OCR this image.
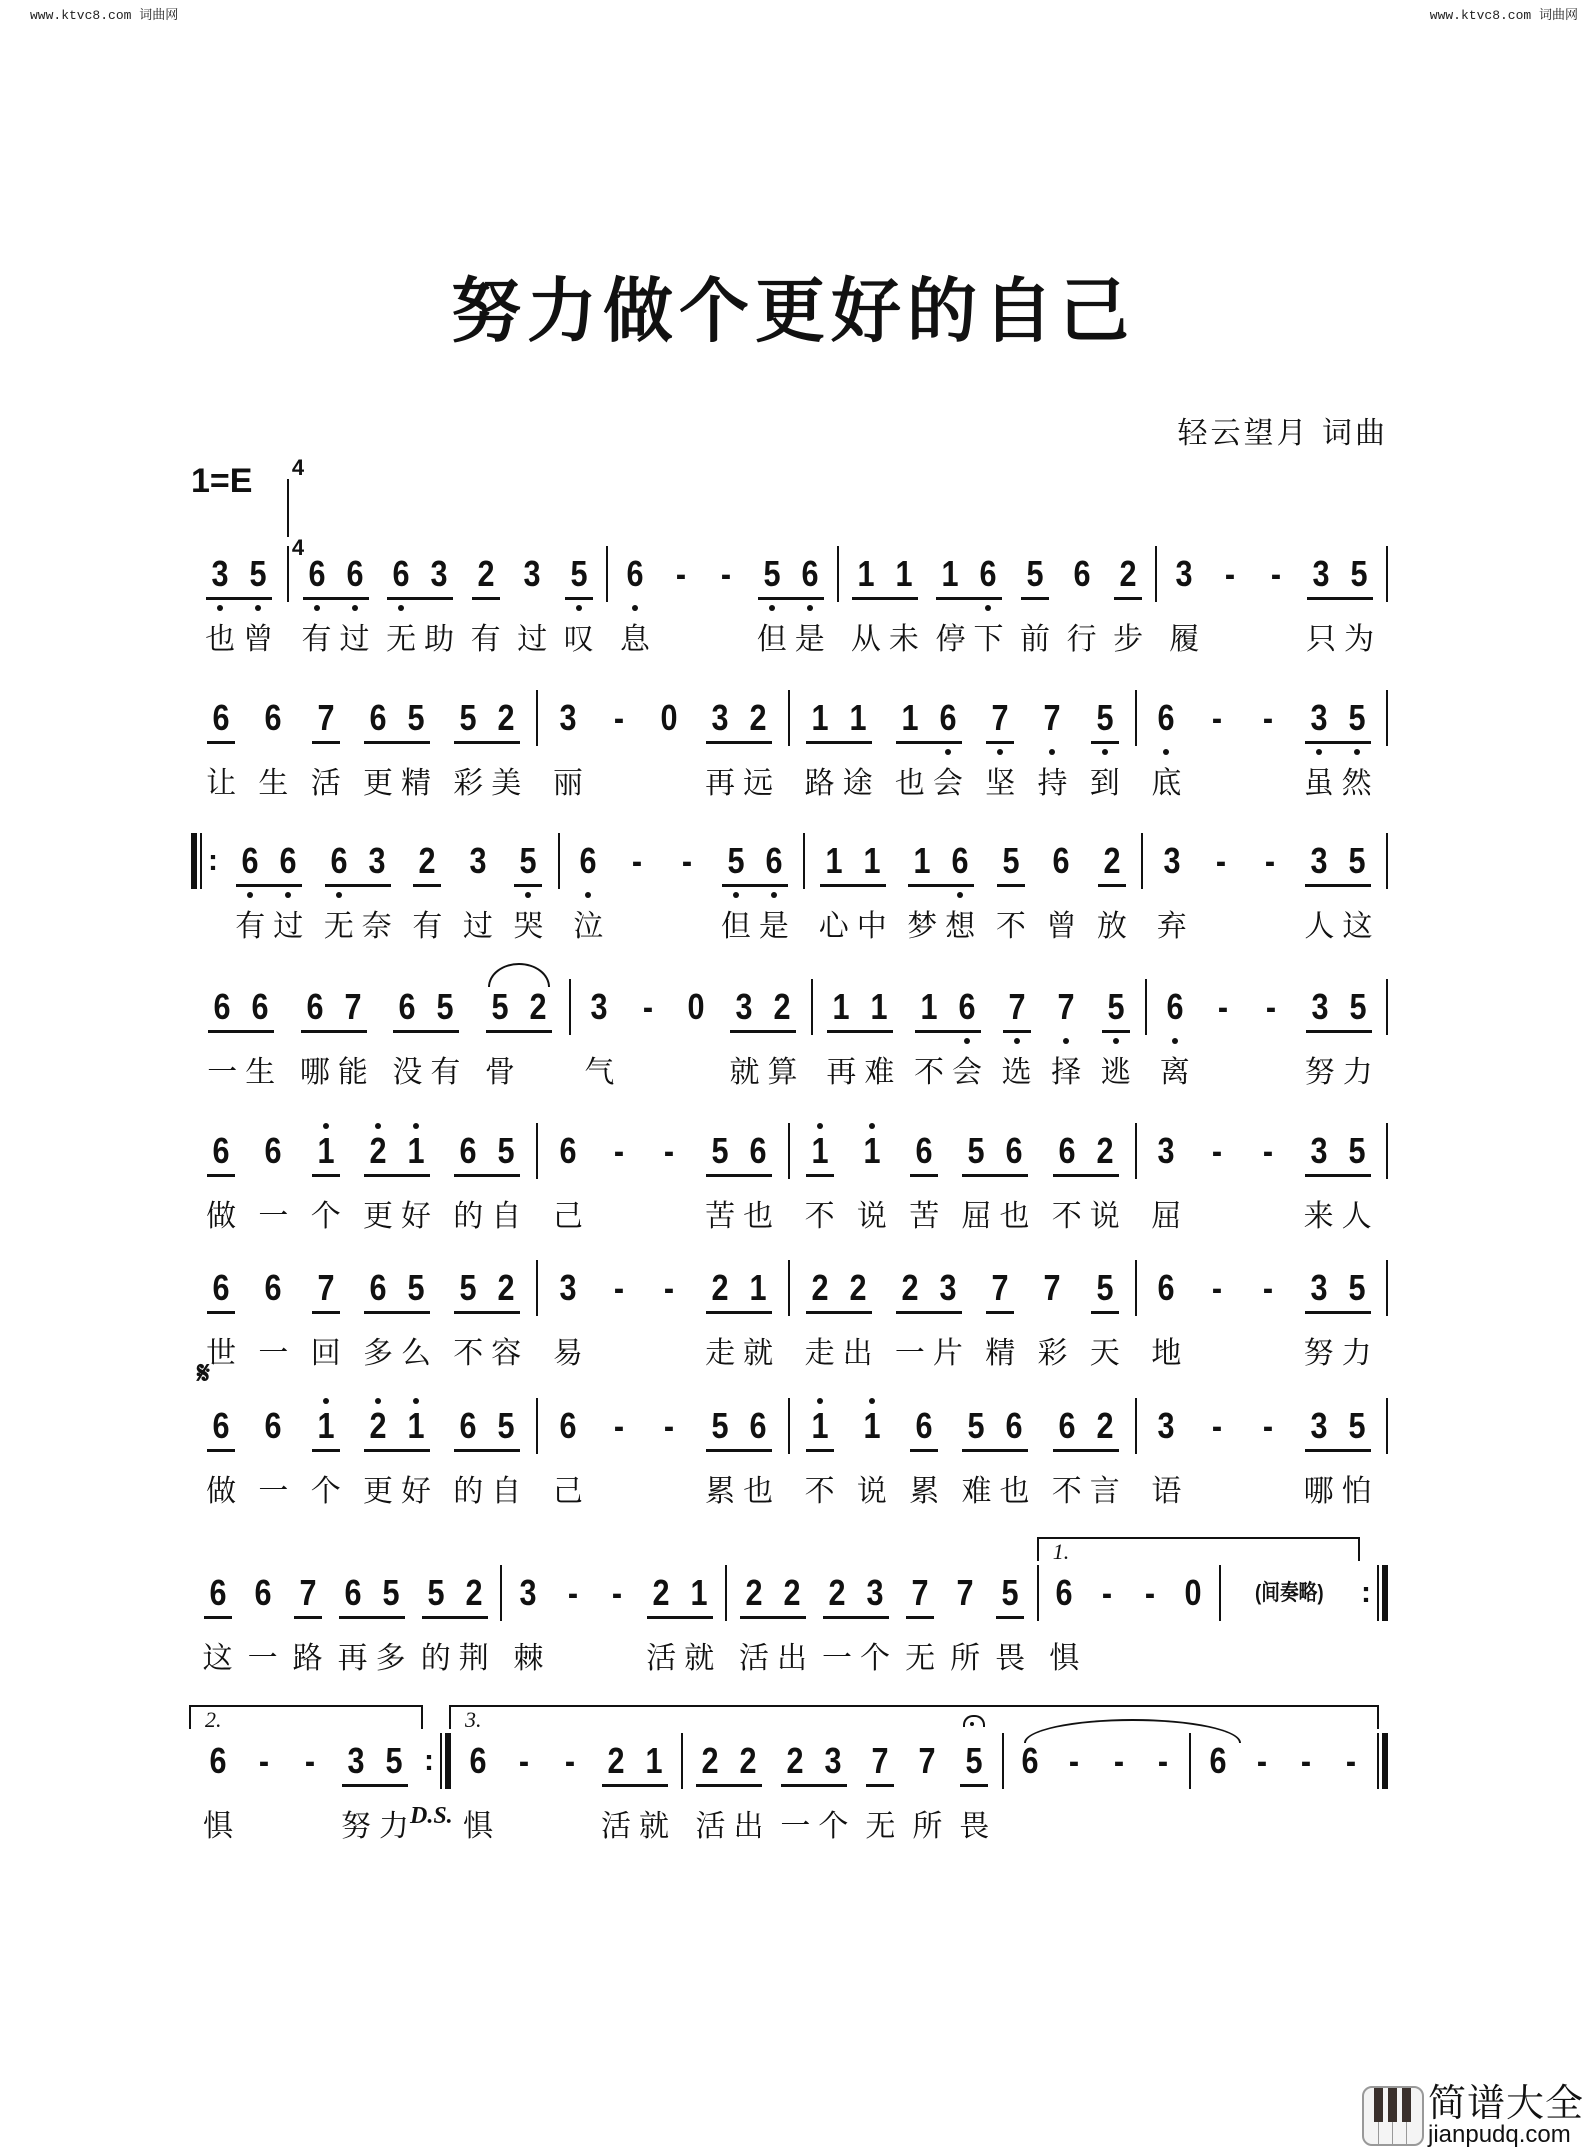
www.ktvc8.com 词曲网	www.ktvc8.com 词曲网
努力做个更好的自己
轻云望月 词曲
1=E 4
4
𝄋
3
也
5
曾
6
有
6
过
6
无
3
助
2
有
3
过
5
叹
6
息
- - 5
但
6
是
1
从
1
未
1
停
6
下
5
前
6
行
2
步
3
履
- - 3
只
5
为
6
让
6
生
7
活
6
更
5
精
5
彩
2
美
3
丽
- 0 3
再
2
远
1
路
1
途
1
也
6
会
7
坚
7
持
5
到
6
底
- - 3
虽
5
然
: 6
有
6
过
6
无
3
奈
2
有
3
过
5
哭
6
泣
- - 5
但
6
是
1
心
1
中
1
梦
6
想
5
不
6
曾
2
放
3
弃
- - 3
人
5
这
6
一
6
生
6
哪
7
能
6
没
5
有
5
骨
2 3
气
- 0 3
就
2
算
1
再
1
难
1
不
6
会
7
选
7
择
5
逃
6
离
- - 3
努
5
力
6
做
6
一
1
个
2
更
1
好
6
的
5
自
6
己
- - 5
苦
6
也
1
不
1
说
6
苦
5
屈
6
也
6
不
2
说
3
屈
- - 3
来
5
人
6
世
6
一
7
回
6
多
5
么
5
不
2
容
3
易
- - 2
走
1
就
2
走
2
出
2
一
3
片
7
精
7
彩
5
天
6
地
- - 3
努
5
力
6
做
6
一
1
个
2
更
1
好
6
的
5
自
6
己
- - 5
累
6
也
1
不
1
说
6
累
5
难
6
也
6
不
2
言
3
语
- - 3
哪
5
怕
6
这
6
一
7
路
6
再
5
多
5
的
2
荆
3
棘
- - 2
活
1
就
2
活
2
出
2
一
3
个
7
无
7
所
5
畏
1.
6
惧
- - 0 (间奏略) :
2.
6
惧
- - 3
努
5
力
:
3.
6
惧
D.S.
- - 2
活
1
就
2
活
2
出
2
一
3
个
7
无
7
所
5
畏
6 - - - 6 - - -
简谱大全
jianpudq.com
